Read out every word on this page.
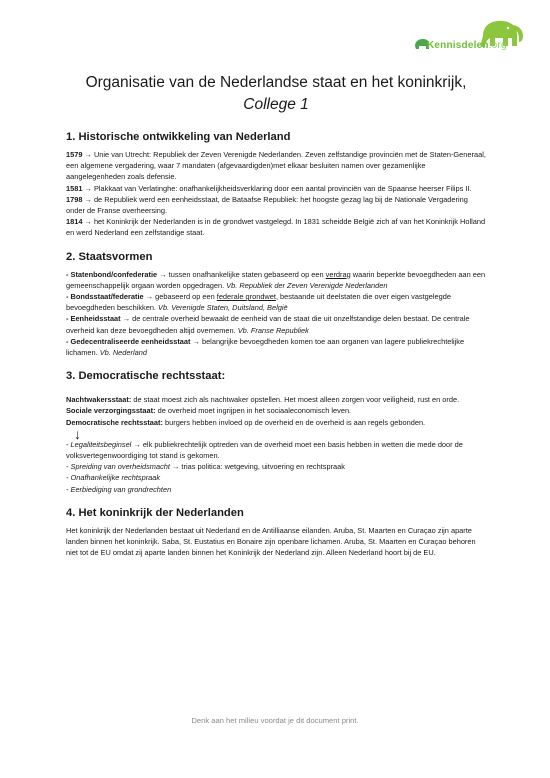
Kennisdelen.org
Organisatie van de Nederlandse staat en het koninkrijk,
College 1
1. Historische ontwikkeling van Nederland

1579 → Unie van Utrecht: Republiek der Zeven Verenigde Nederlanden. Zeven zelfstandige provinciën met de Staten-Generaal, een algemene vergadering, waar 7 mandaten (afgevaardigden)met elkaar besluiten namen over gezamenlijke aangelegenheden zoals defensie.

1581 → Plakkaat van Verlatinghe: onafhankelijkheidsverklaring door een aantal provinciën van de Spaanse heerser Filips II.

1798 → de Republiek werd een eenheidsstaat, de Bataafse Republiek: het hoogste gezag lag bij de Nationale Vergadering onder de Franse overheersing.

1814 → het Koninkrijk der Nederlanden is in de grondwet vastgelegd. In 1831 scheidde België zich af van het Koninkrijk Holland en werd Nederland een zelfstandige staat.

2. Staatsvormen

- Statenbond/confederatie → tussen onafhankelijke staten gebaseerd op een verdrag waarin beperkte bevoegdheden aan een gemeenschappelijk orgaan worden opgedragen. Vb. Republiek der Zeven Verenigde Nederlanden

- Bondsstaat/federatie → gebaseerd op een federale grondwet, bestaande uit deelstaten die over eigen vastgelegde bevoegdheden beschikken. Vb. Verenigde Staten, Duitsland, België

- Eenheidsstaat → de centrale overheid bewaakt de eenheid van de staat die uit onzelfstandige delen bestaat. De centrale overheid kan deze bevoegdheden altijd overnemen. Vb. Franse Republiek

- Gedecentraliseerde eenheidsstaat → belangrijke bevoegdheden komen toe aan organen van lagere publiekrechtelijke lichamen. Vb. Nederland

3. Democratische rechtsstaat:

Nachtwakersstaat: de staat moest zich als nachtwaker opstellen. Het moest alleen zorgen voor veiligheid, rust en orde.

Sociale verzorgingsstaat: de overheid moet ingrijpen in het sociaaleconomisch leven.

Democratische rechtsstaat: burgers hebben invloed op de overheid en de overheid is aan regels gebonden.

↓

- Legaliteitsbeginsel → elk publiekrechtelijk optreden van de overheid moet een basis hebben in wetten die mede door de volksvertegenwoordiging tot stand is gekomen.

- Spreiding van overheidsmacht → trias politica: wetgeving, uitvoering en rechtspraak

- Onafhankelijke rechtspraak

- Eerbiediging van grondrechten

4. Het koninkrijk der Nederlanden

Het koninkrijk der Nederlanden bestaat uit Nederland en de Antilliaanse eilanden. Aruba, St. Maarten en Curaçao zijn aparte landen binnen het koninkrijk. Saba, St. Eustatius en Bonaire zijn openbare lichamen. Aruba, St. Maarten en Curaçao behoren niet tot de EU omdat zij aparte landen binnen het Koninkrijk der Nederland zijn. Alleen Nederland hoort bij de EU.

Denk aan het milieu voordat je dit document print.
